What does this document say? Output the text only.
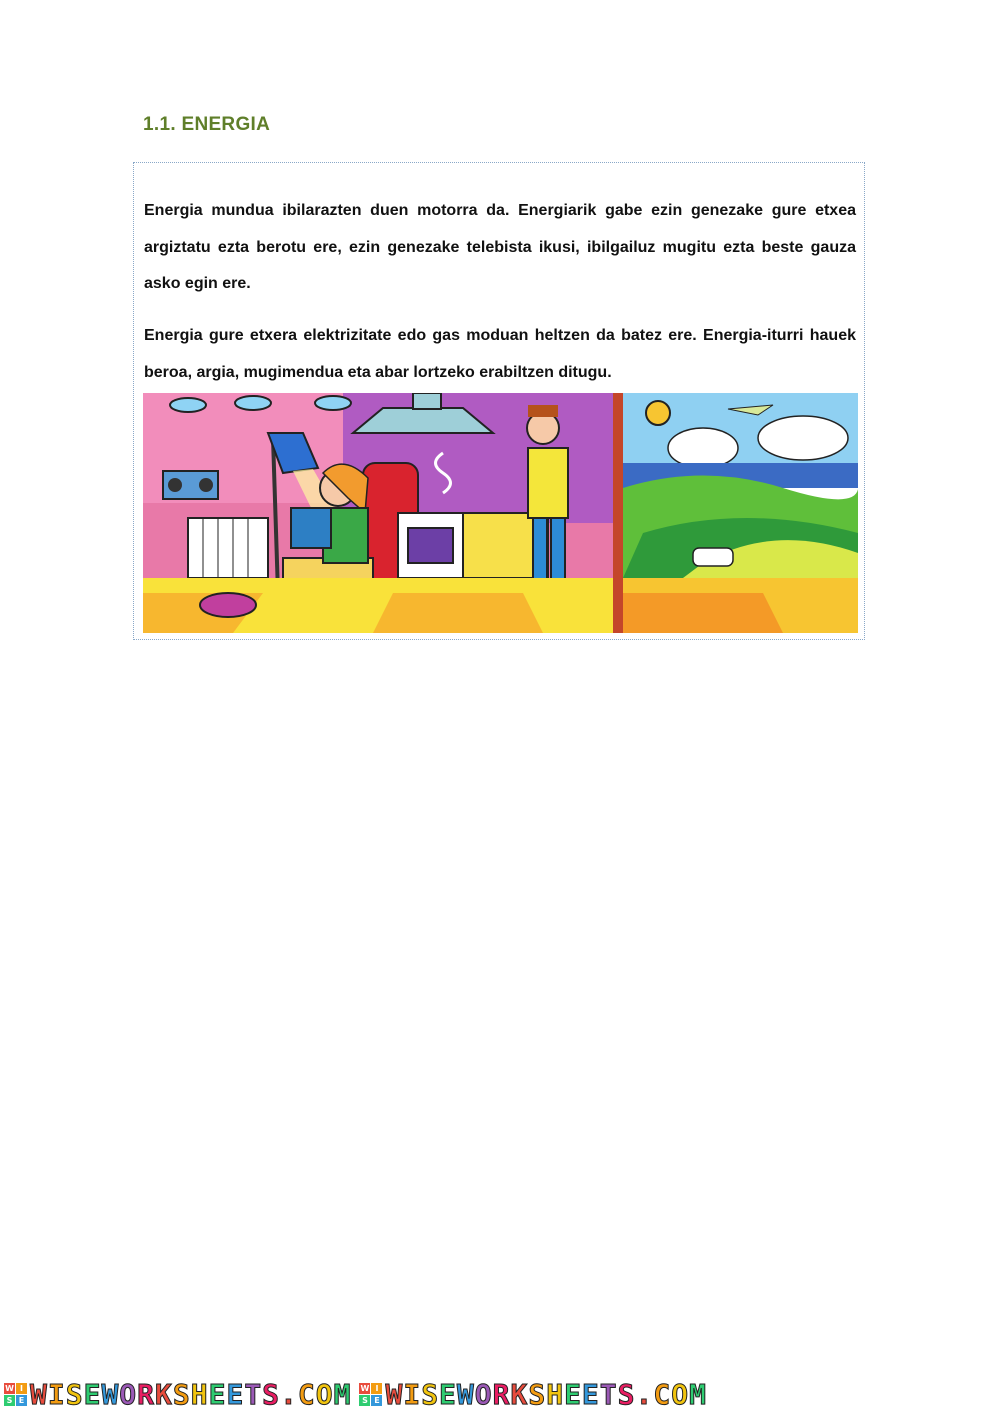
1.1. ENERGIA

Energia mundua ibilarazten duen motorra da. Energiarik gabe ezin genezake gure etxea argiztatu ezta berotu ere, ezin genezake telebista ikusi, ibilgailuz mugitu ezta beste gauza asko egin ere.

Energia gure etxera elektrizitate edo gas moduan heltzen da batez ere. Energia-iturri hauek beroa, argia, mugimendua eta abar lortzeko erabiltzen ditugu.

W I
S E WISEWORKSHEETS.COM W I
S E WISEWORKSHEETS.COM
